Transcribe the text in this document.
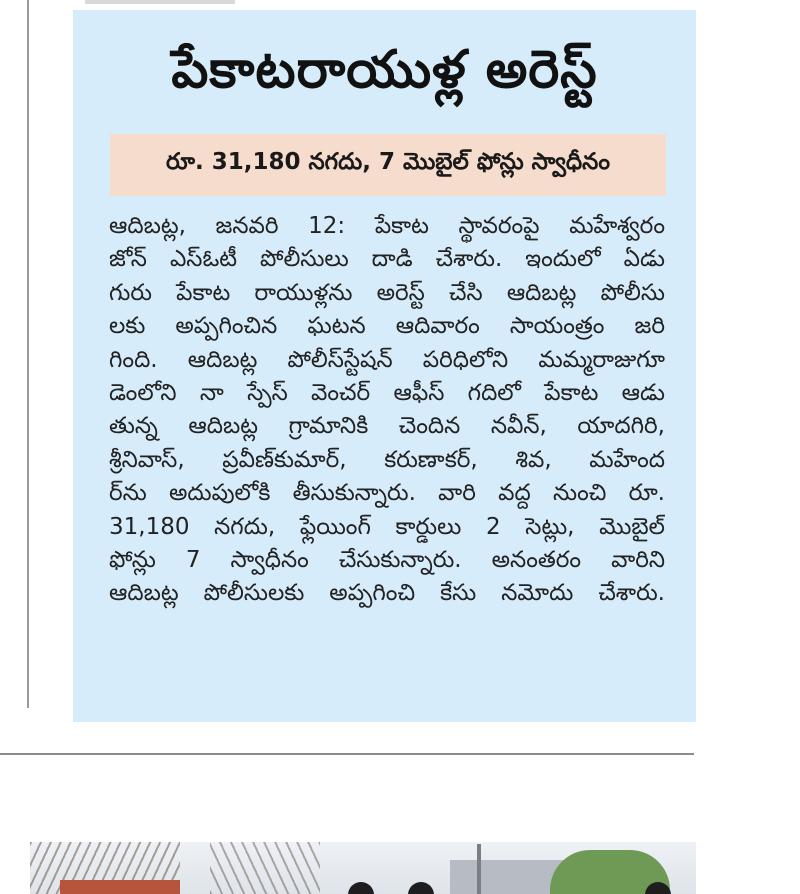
పేకాటరాయుళ్ల అరెస్ట్
రూ. 31,180 నగదు, 7 మొబైల్ ఫోన్లు స్వాధీనం
ఆదిబట్ల, జనవరి 12: పేకాట స్థావరంపై మహేశ్వరం
జోన్ ఎస్ఓటీ పోలీసులు దాడి చేశారు. ఇందులో ఏడు
గురు పేకాట రాయుళ్లను అరెస్ట్ చేసి ఆదిబట్ల పోలీసు
లకు అప్పగించిన ఘటన ఆదివారం సాయంత్రం జరి
గింది. ఆదిబట్ల పోలీస్‌స్టేషన్ పరిధిలోని మమ్మరాజుగూ
డెంలోని నా స్పేస్ వెంచర్ ఆఫీస్ గదిలో పేకాట ఆడు
తున్న ఆదిబట్ల గ్రామానికి చెందిన నవీన్, యాదగిరి,
శ్రీనివాస్, ప్రవీణ్‌కుమార్, కరుణాకర్, శివ, మహేంద
ర్‌ను అదుపులోకి తీసుకున్నారు. వారి వద్ద నుంచి రూ.
31,180 నగదు, ఫ్లేయింగ్ కార్డులు 2 సెట్లు, మొబైల్
ఫోన్లు 7 స్వాధీనం చేసుకున్నారు. అనంతరం వారిని
ఆదిబట్ల పోలీసులకు అప్పగించి కేసు నమోదు చేశారు.
